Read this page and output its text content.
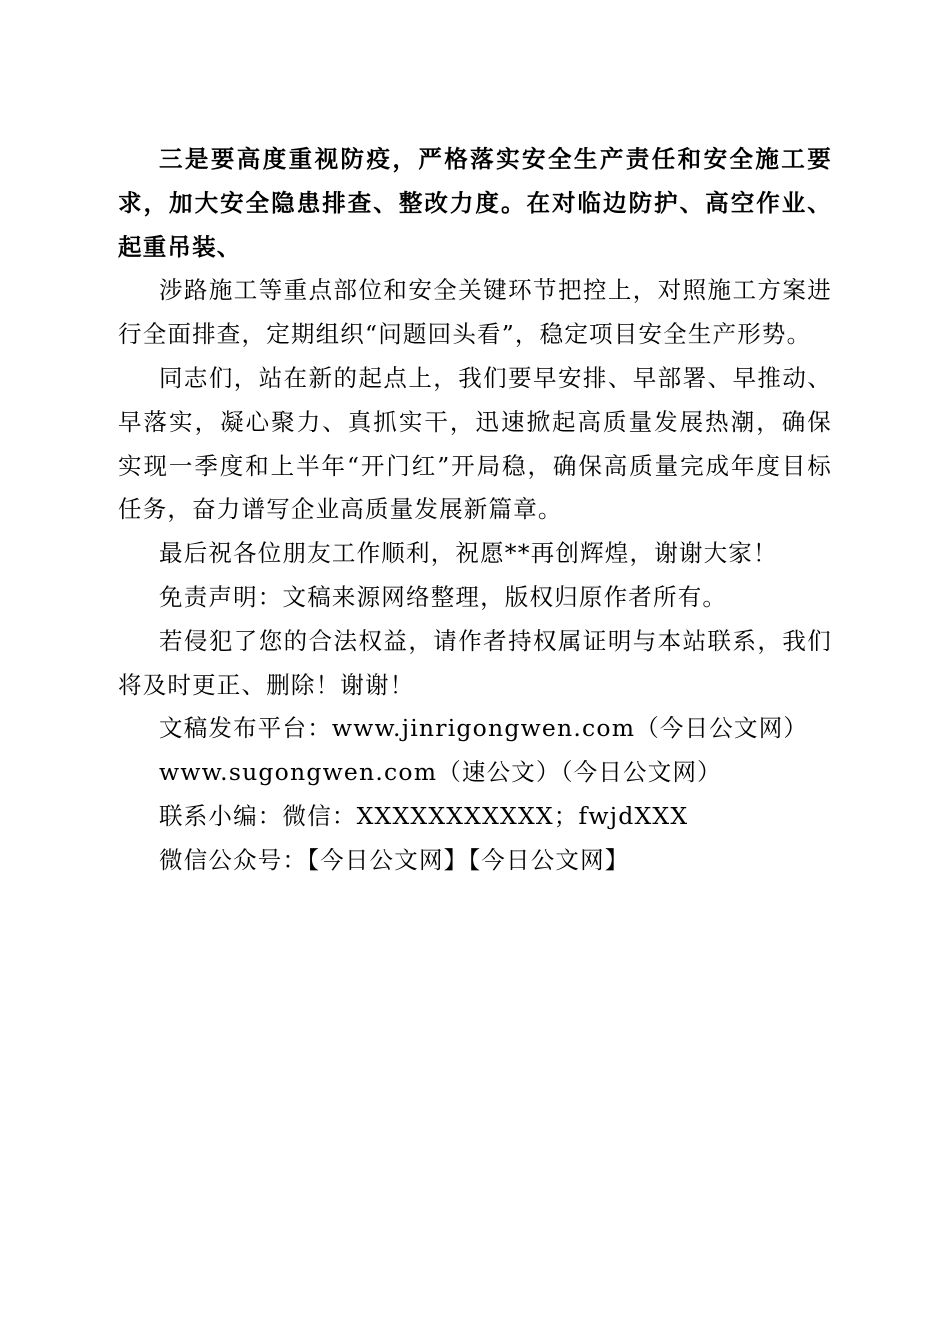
三是要高度重视防疫，严格落实安全生产责任和安全施工要求，加大安全隐患排查、整改力度。在对临边防护、高空作业、起重吊装、

涉路施工等重点部位和安全关键环节把控上，对照施工方案进行全面排查，定期组织“问题回头看”，稳定项目安全生产形势。

同志们，站在新的起点上，我们要早安排、早部署、早推动、早落实，凝心聚力、真抓实干，迅速掀起高质量发展热潮，确保实现一季度和上半年“开门红”开局稳，确保高质量完成年度目标任务，奋力谱写企业高质量发展新篇章。

最后祝各位朋友工作顺利，祝愿**再创辉煌，谢谢大家！

免责声明：文稿来源网络整理，版权归原作者所有。

若侵犯了您的合法权益，请作者持权属证明与本站联系，我们将及时更正、删除！谢谢！

文稿发布平台：www.jinrigongwen.com（今日公文网）

www.sugongwen.com（速公文）（今日公文网）

联系小编：微信：XXXXXXXXXXX；fwjdXXX

微信公众号：【今日公文网】【今日公文网】
